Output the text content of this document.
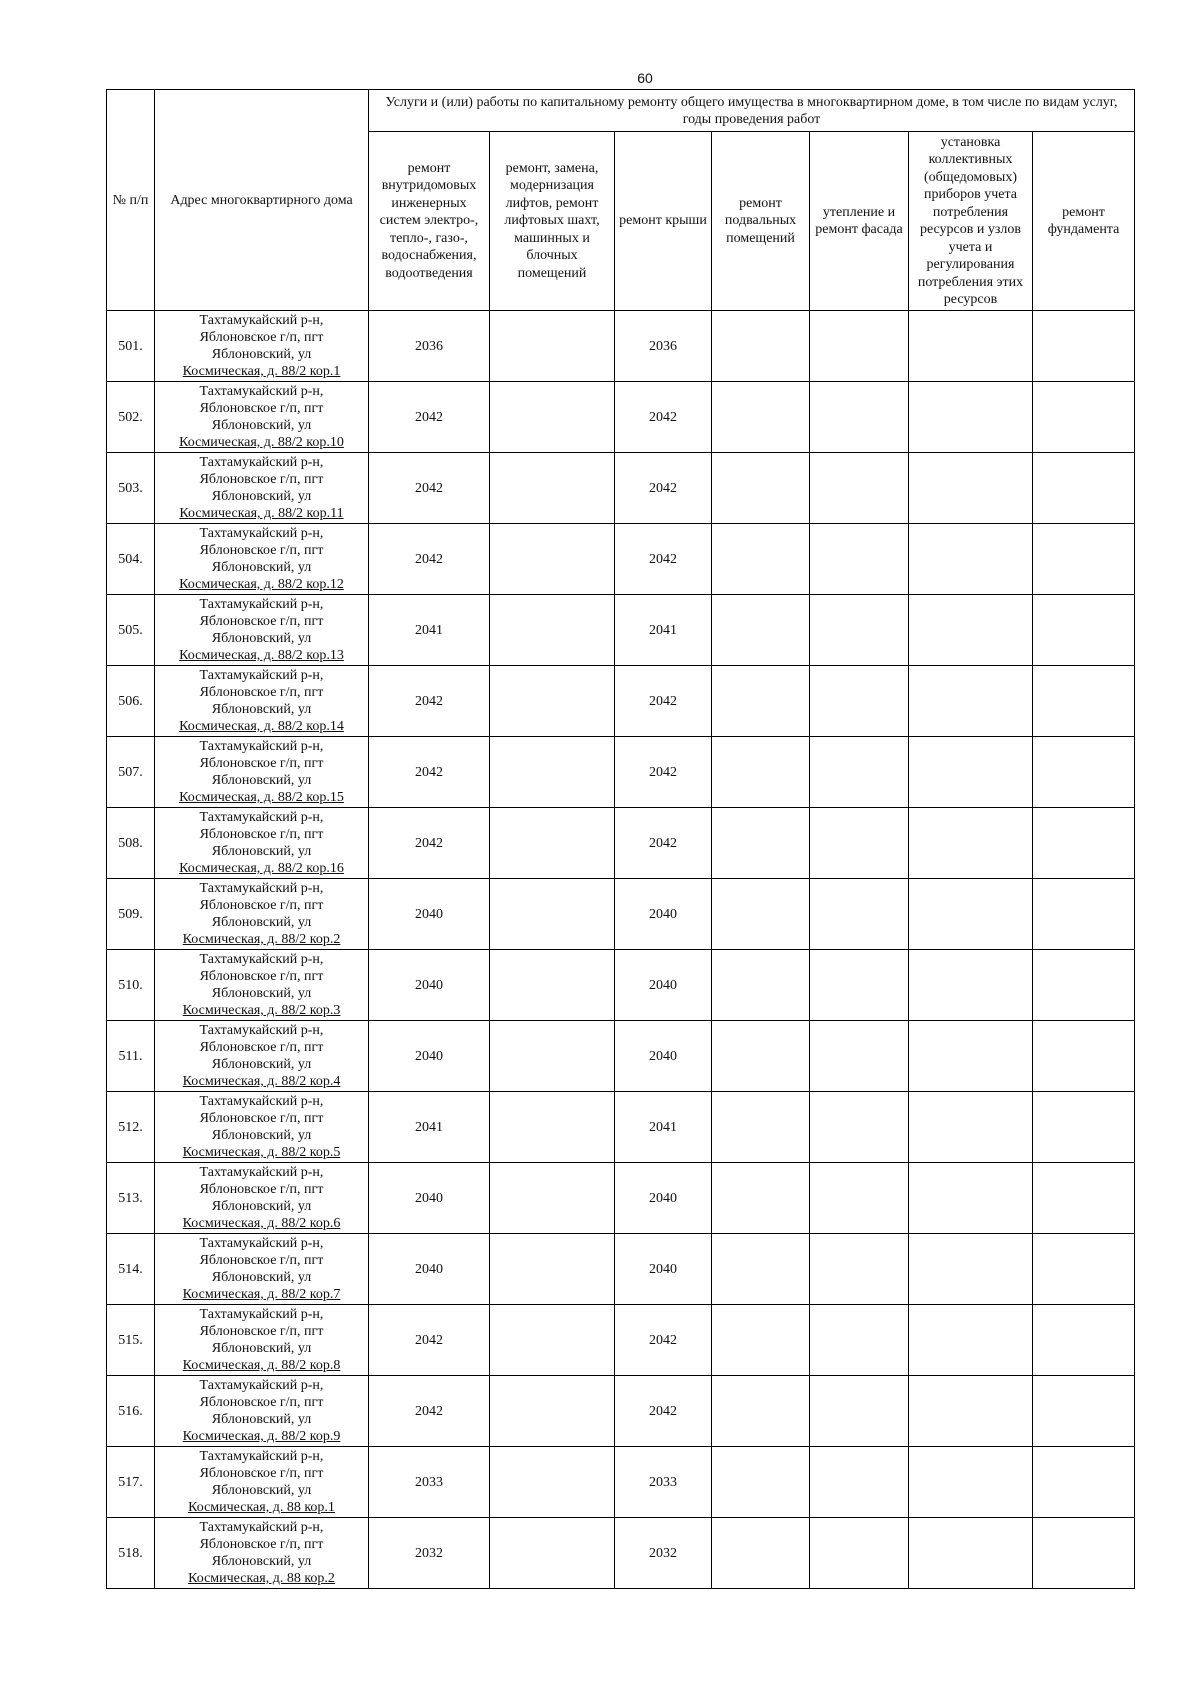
60
№ п/п	Адрес многоквартирного дома	Услуги и (или) работы по капитальному ремонту общего имущества в многоквартирном доме, в том числе по видам услуг, годы проведения работ						
		ремонт внутридомовых инженерных систем электро-, тепло-, газо-, водоснабжения, водоотведения	ремонт, замена, модернизация лифтов, ремонт лифтовых шахт, машинных и блочных помещений	ремонт крыши	ремонт подвальных помещений	утепление и ремонт фасада	установка коллективных (общедомовых) приборов учета потребления ресурсов и узлов учета и регулирования потребления этих ресурсов	ремонт фундамента
501.	Тахтамукайский р-н,
Яблоновское г/п, пгт
Яблоновский, ул
Космическая, д. 88/2 кор.1	2036		2036				
502.	Тахтамукайский р-н,
Яблоновское г/п, пгт
Яблоновский, ул
Космическая, д. 88/2 кор.10	2042		2042				
503.	Тахтамукайский р-н,
Яблоновское г/п, пгт
Яблоновский, ул
Космическая, д. 88/2 кор.11	2042		2042				
504.	Тахтамукайский р-н,
Яблоновское г/п, пгт
Яблоновский, ул
Космическая, д. 88/2 кор.12	2042		2042				
505.	Тахтамукайский р-н,
Яблоновское г/п, пгт
Яблоновский, ул
Космическая, д. 88/2 кор.13	2041		2041				
506.	Тахтамукайский р-н,
Яблоновское г/п, пгт
Яблоновский, ул
Космическая, д. 88/2 кор.14	2042		2042				
507.	Тахтамукайский р-н,
Яблоновское г/п, пгт
Яблоновский, ул
Космическая, д. 88/2 кор.15	2042		2042				
508.	Тахтамукайский р-н,
Яблоновское г/п, пгт
Яблоновский, ул
Космическая, д. 88/2 кор.16	2042		2042				
509.	Тахтамукайский р-н,
Яблоновское г/п, пгт
Яблоновский, ул
Космическая, д. 88/2 кор.2	2040		2040				
510.	Тахтамукайский р-н,
Яблоновское г/п, пгт
Яблоновский, ул
Космическая, д. 88/2 кор.3	2040		2040				
511.	Тахтамукайский р-н,
Яблоновское г/п, пгт
Яблоновский, ул
Космическая, д. 88/2 кор.4	2040		2040				
512.	Тахтамукайский р-н,
Яблоновское г/п, пгт
Яблоновский, ул
Космическая, д. 88/2 кор.5	2041		2041				
513.	Тахтамукайский р-н,
Яблоновское г/п, пгт
Яблоновский, ул
Космическая, д. 88/2 кор.6	2040		2040				
514.	Тахтамукайский р-н,
Яблоновское г/п, пгт
Яблоновский, ул
Космическая, д. 88/2 кор.7	2040		2040				
515.	Тахтамукайский р-н,
Яблоновское г/п, пгт
Яблоновский, ул
Космическая, д. 88/2 кор.8	2042		2042				
516.	Тахтамукайский р-н,
Яблоновское г/п, пгт
Яблоновский, ул
Космическая, д. 88/2 кор.9	2042		2042				
517.	Тахтамукайский р-н,
Яблоновское г/п, пгт
Яблоновский, ул
Космическая, д. 88 кор.1	2033		2033				
518.	Тахтамукайский р-н,
Яблоновское г/п, пгт
Яблоновский, ул
Космическая, д. 88 кор.2	2032		2032				
